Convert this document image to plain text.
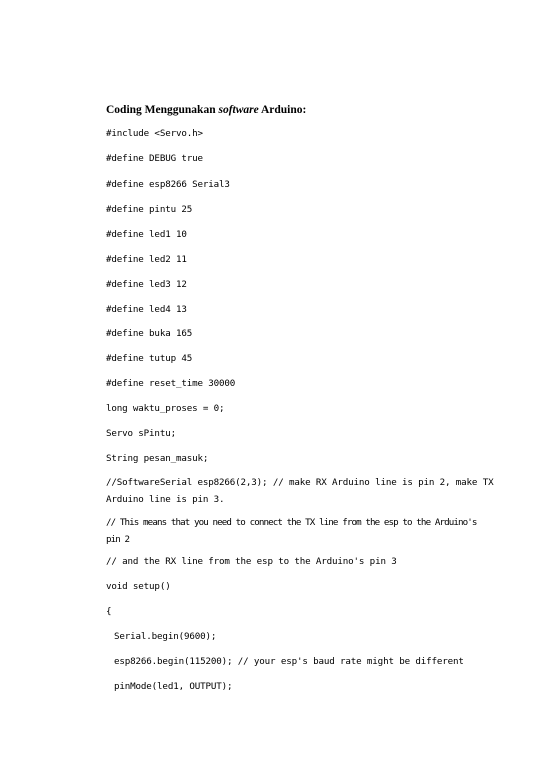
Coding Menggunakan software Arduino:
#include <Servo.h>
#define DEBUG true
#define esp8266 Serial3
#define pintu 25
#define led1 10
#define led2 11
#define led3 12
#define led4 13
#define buka 165
#define tutup 45
#define reset_time 30000
long waktu_proses = 0;
Servo sPintu;
String pesan_masuk;
//SoftwareSerial esp8266(2,3); // make RX Arduino line is pin 2, make TX
Arduino line is pin 3.
// This means that you need to connect the TX line from the esp to the Arduino's
pin 2
// and the RX line from the esp to the Arduino's pin 3
void setup()
{
Serial.begin(9600);
esp8266.begin(115200); // your esp's baud rate might be different
pinMode(led1, OUTPUT);
